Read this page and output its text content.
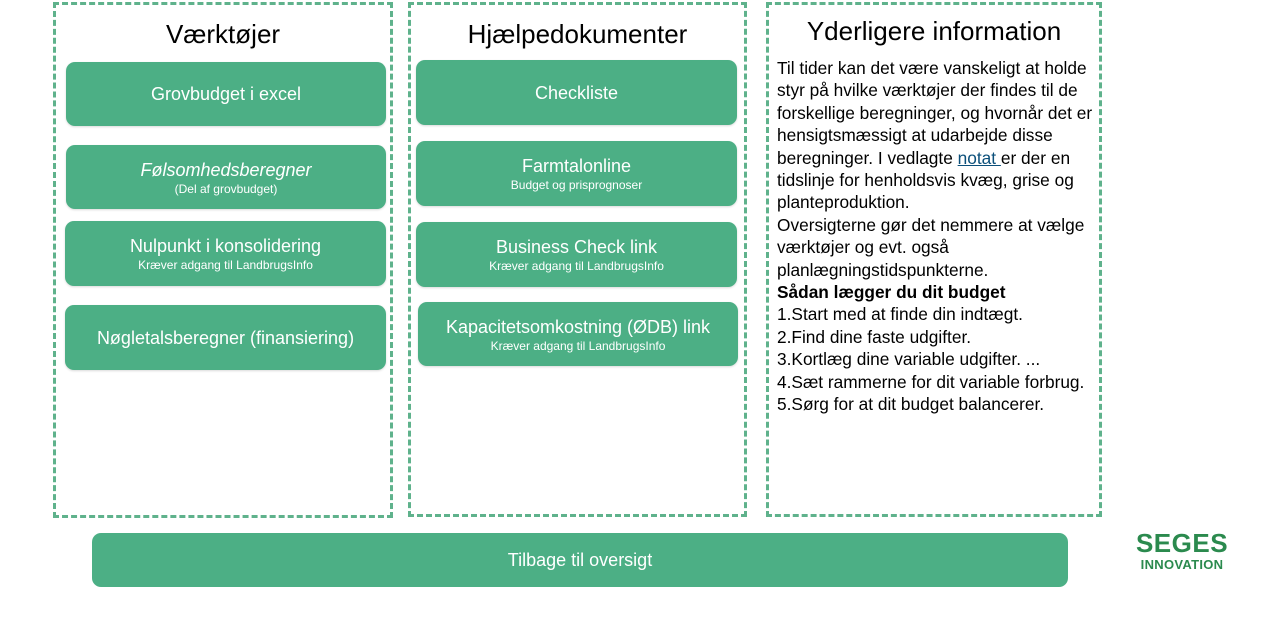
Værktøjer
Grovbudget i excel
Følsomhedsberegner
(Del af grovbudget)
Nulpunkt i konsolidering
Kræver adgang til LandbrugsInfo
Nøgletalsberegner (finansiering)
Hjælpedokumenter
Checkliste
Farmtalonline
Budget og prisprognoser
Business Check link
Kræver adgang til LandbrugsInfo
Kapacitetsomkostning (ØDB) link
Kræver adgang til LandbrugsInfo
Yderligere information

Til tider kan det være vanskeligt at holde styr på hvilke værktøjer der findes til de forskellige beregninger, og hvornår det er hensigtsmæssigt at udarbejde disse beregninger. I vedlagte notat er der en tidslinje for henholdsvis kvæg, grise og planteproduktion.

Oversigterne gør det nemmere at vælge værktøjer og evt. også planlægningstidspunkterne.

Sådan lægger du dit budget

1.Start med at finde din indtægt.

2.Find dine faste udgifter.

3.Kortlæg dine variable udgifter. ...

4.Sæt rammerne for dit variable forbrug.

5.Sørg for at dit budget balancerer.

Tilbage til oversigt
SEGES
INNOVATION
